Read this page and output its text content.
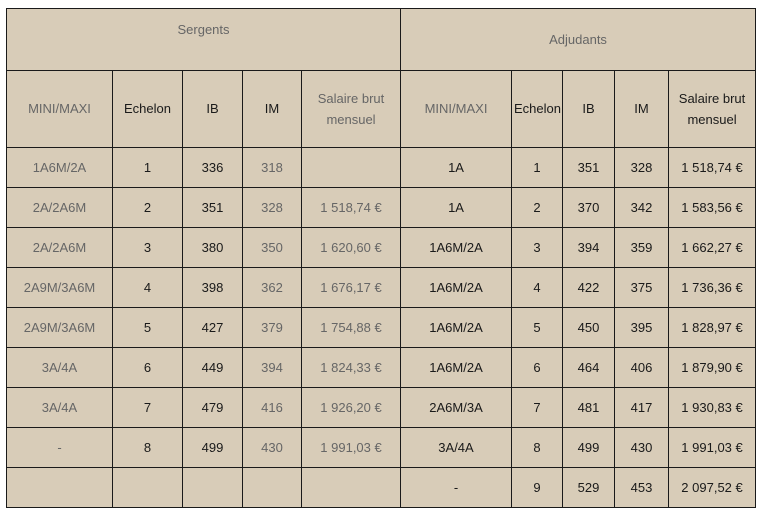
Sergents					Adjudants				
MINI/MAXI	Echelon	IB	IM	Salaire brut mensuel	MINI/MAXI	Echelon	IB	IM	Salaire brut mensuel
1A6M/2A	1	336	318		1A	1	351	328	1 518,74 €
2A/2A6M	2	351	328	1 518,74 €	1A	2	370	342	1 583,56 €
2A/2A6M	3	380	350	1 620,60 €	1A6M/2A	3	394	359	1 662,27 €
2A9M/3A6M	4	398	362	1 676,17 €	1A6M/2A	4	422	375	1 736,36 €
2A9M/3A6M	5	427	379	1 754,88 €	1A6M/2A	5	450	395	1 828,97 €
3A/4A	6	449	394	1 824,33 €	1A6M/2A	6	464	406	1 879,90 €
3A/4A	7	479	416	1 926,20 €	2A6M/3A	7	481	417	1 930,83 €
-	8	499	430	1 991,03 €	3A/4A	8	499	430	1 991,03 €
					-	9	529	453	2 097,52 €
